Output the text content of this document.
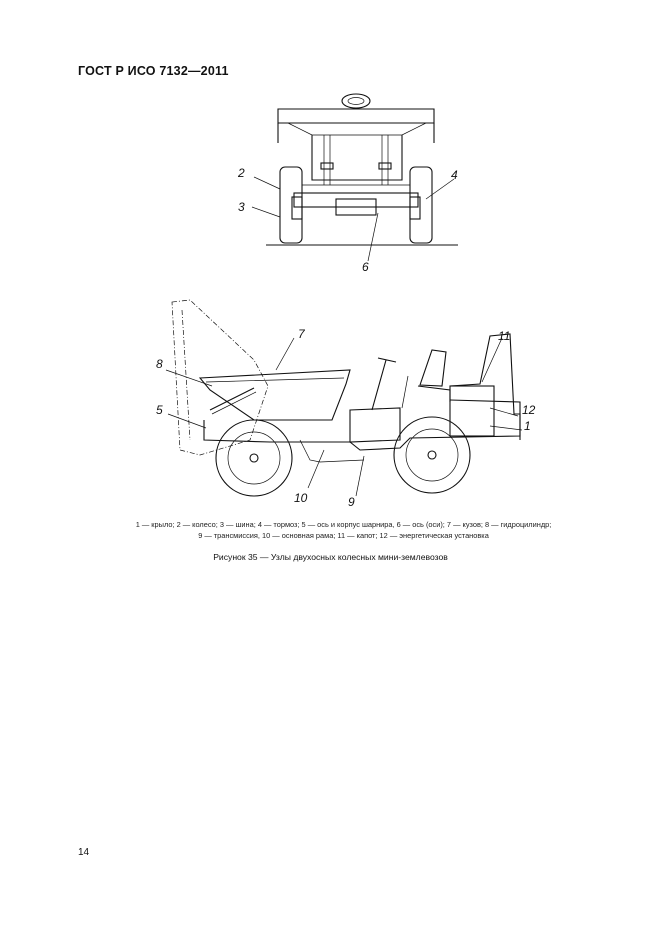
ГОСТ Р ИСО 7132—2011
2
3
4
6
7
8
5
11
12
1
10	9
1 — крыло; 2 — колесо; 3 — шина; 4 — тормоз; 5 — ось и корпус шарнира, 6 — ось (оси); 7 — кузов; 8 — гидроцилиндр;
9 — трансмиссия, 10 — основная рама; 11 — капот; 12 — энергетическая установка
Рисунок 35 — Узлы двухосных колесных мини-землевозов
14
